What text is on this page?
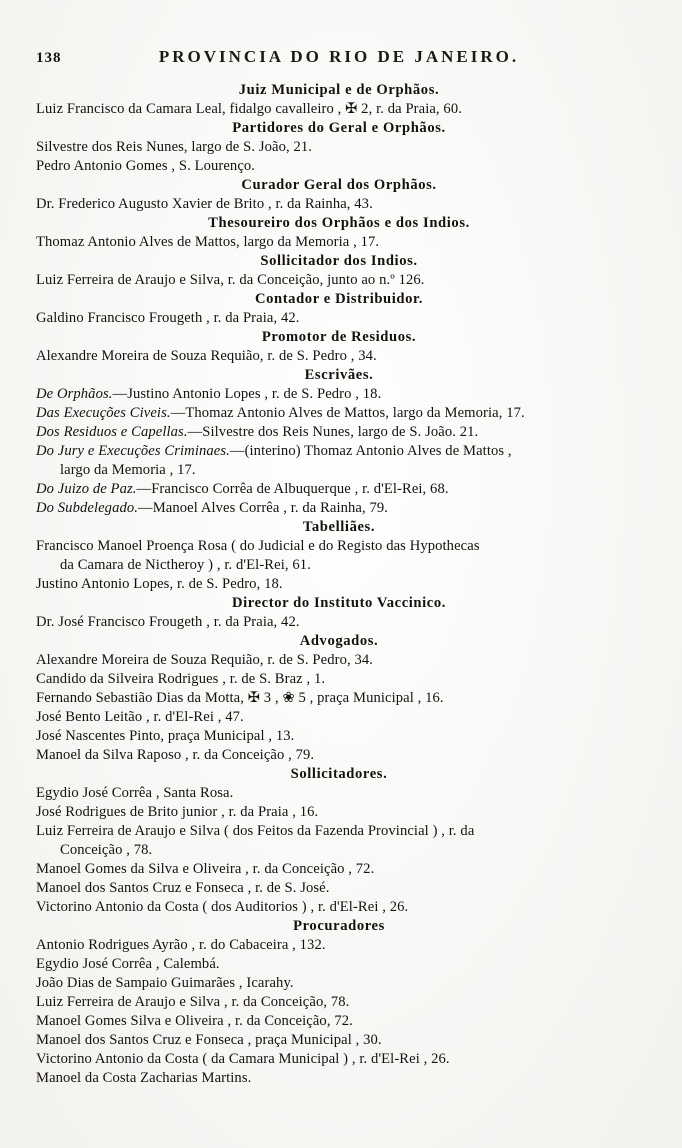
138	PROVINCIA DO RIO DE JANEIRO.
Juiz Municipal e de Orphãos.

Luiz Francisco da Camara Leal, fidalgo cavalleiro , ✠ 2, r. da Praia, 60.

Partidores do Geral e Orphãos.

Silvestre dos Reis Nunes, largo de S. João, 21.

Pedro Antonio Gomes , S. Lourenço.

Curador Geral dos Orphãos.

Dr. Frederico Augusto Xavier de Brito , r. da Rainha, 43.

Thesoureiro dos Orphãos e dos Indios.

Thomaz Antonio Alves de Mattos, largo da Memoria , 17.

Sollicitador dos Indios.

Luiz Ferreira de Araujo e Silva, r. da Conceição, junto ao n.º 126.

Contador e Distribuidor.

Galdino Francisco Frougeth , r. da Praia, 42.

Promotor de Residuos.

Alexandre Moreira de Souza Requião, r. de S. Pedro , 34.

Escrivães.

De Orphãos.—Justino Antonio Lopes , r. de S. Pedro , 18.

Das Execuções Civeis.—Thomaz Antonio Alves de Mattos, largo da Memoria, 17.

Dos Residuos e Capellas.—Silvestre dos Reis Nunes, largo de S. João. 21.

Do Jury e Execuções Criminaes.—(interino) Thomaz Antonio Alves de Mattos ,
largo da Memoria , 17.

Do Juizo de Paz.—Francisco Corrêa de Albuquerque , r. d'El-Rei, 68.

Do Subdelegado.—Manoel Alves Corrêa , r. da Rainha, 79.

Tabelliães.

Francisco Manoel Proença Rosa ( do Judicial e do Registo das Hypothecas
da Camara de Nictheroy ) , r. d'El-Rei, 61.

Justino Antonio Lopes, r. de S. Pedro, 18.

Director do Instituto Vaccinico.

Dr. José Francisco Frougeth , r. da Praia, 42.

Advogados.

Alexandre Moreira de Souza Requião, r. de S. Pedro, 34.

Candido da Silveira Rodrigues , r. de S. Braz , 1.

Fernando Sebastião Dias da Motta, ✠ 3 , ❀ 5 , praça Municipal , 16.

José Bento Leitão , r. d'El-Rei , 47.

José Nascentes Pinto, praça Municipal , 13.

Manoel da Silva Raposo , r. da Conceição , 79.

Sollicitadores.

Egydio José Corrêa , Santa Rosa.

José Rodrigues de Brito junior , r. da Praia , 16.

Luiz Ferreira de Araujo e Silva ( dos Feitos da Fazenda Provincial ) , r. da
Conceição , 78.

Manoel Gomes da Silva e Oliveira , r. da Conceição , 72.

Manoel dos Santos Cruz e Fonseca , r. de S. José.

Victorino Antonio da Costa ( dos Auditorios ) , r. d'El-Rei , 26.

Procuradores

Antonio Rodrigues Ayrão , r. do Cabaceira , 132.

Egydio José Corrêa , Calembá.

João Dias de Sampaio Guimarães , Icarahy.

Luiz Ferreira de Araujo e Silva , r. da Conceição, 78.

Manoel Gomes Silva e Oliveira , r. da Conceição, 72.

Manoel dos Santos Cruz e Fonseca , praça Municipal , 30.

Victorino Antonio da Costa ( da Camara Municipal ) , r. d'El-Rei , 26.

Manoel da Costa Zacharias Martins.
